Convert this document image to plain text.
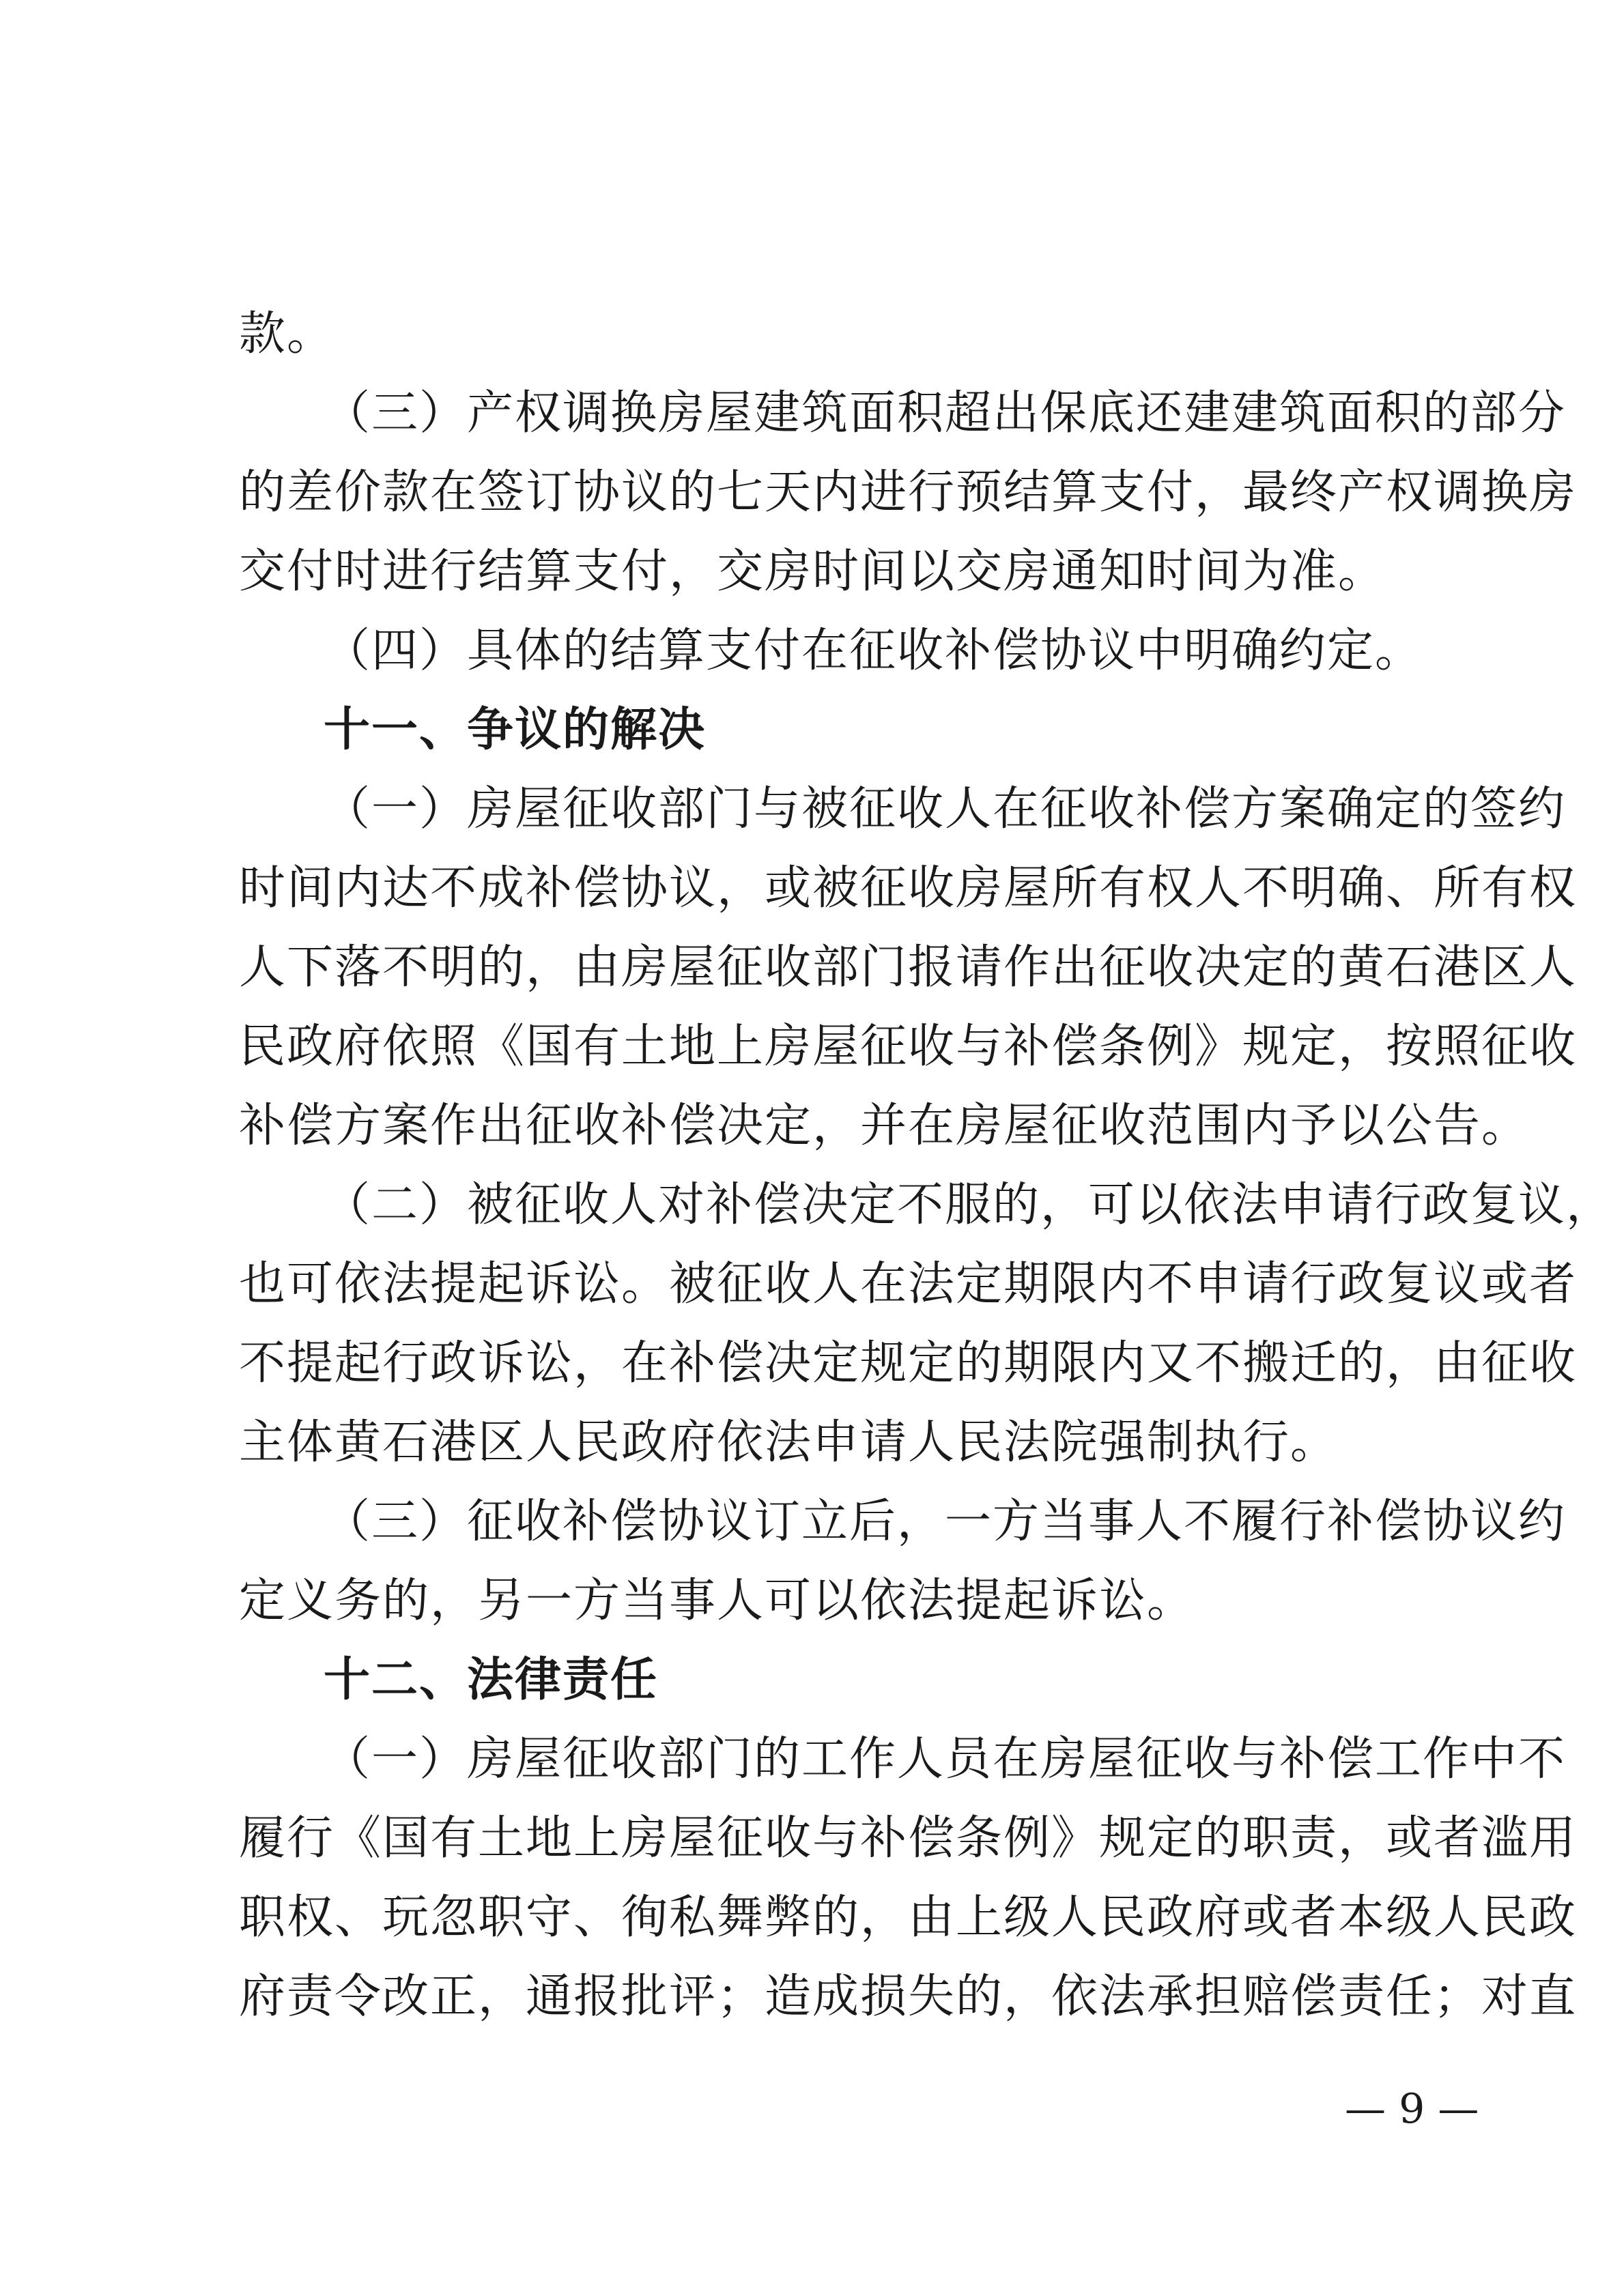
款。
（三）产权调换房屋建筑面积超出保底还建建筑面积的部分
的差价款在签订协议的七天内进行预结算支付，最终产权调换房
交付时进行结算支付，交房时间以交房通知时间为准。
（四）具体的结算支付在征收补偿协议中明确约定。
十一、争议的解决
（一）房屋征收部门与被征收人在征收补偿方案确定的签约
时间内达不成补偿协议，或被征收房屋所有权人不明确、所有权
人下落不明的，由房屋征收部门报请作出征收决定的黄石港区人
民政府依照《国有土地上房屋征收与补偿条例》规定，按照征收
补偿方案作出征收补偿决定，并在房屋征收范围内予以公告。
（二）被征收人对补偿决定不服的，可以依法申请行政复议，
也可依法提起诉讼。被征收人在法定期限内不申请行政复议或者
不提起行政诉讼，在补偿决定规定的期限内又不搬迁的，由征收
主体黄石港区人民政府依法申请人民法院强制执行。
（三）征收补偿协议订立后，一方当事人不履行补偿协议约
定义务的，另一方当事人可以依法提起诉讼。
十二、法律责任
（一）房屋征收部门的工作人员在房屋征收与补偿工作中不
履行《国有土地上房屋征收与补偿条例》规定的职责，或者滥用
职权、玩忽职守、徇私舞弊的，由上级人民政府或者本级人民政
府责令改正，通报批评；造成损失的，依法承担赔偿责任；对直
— 9 —
